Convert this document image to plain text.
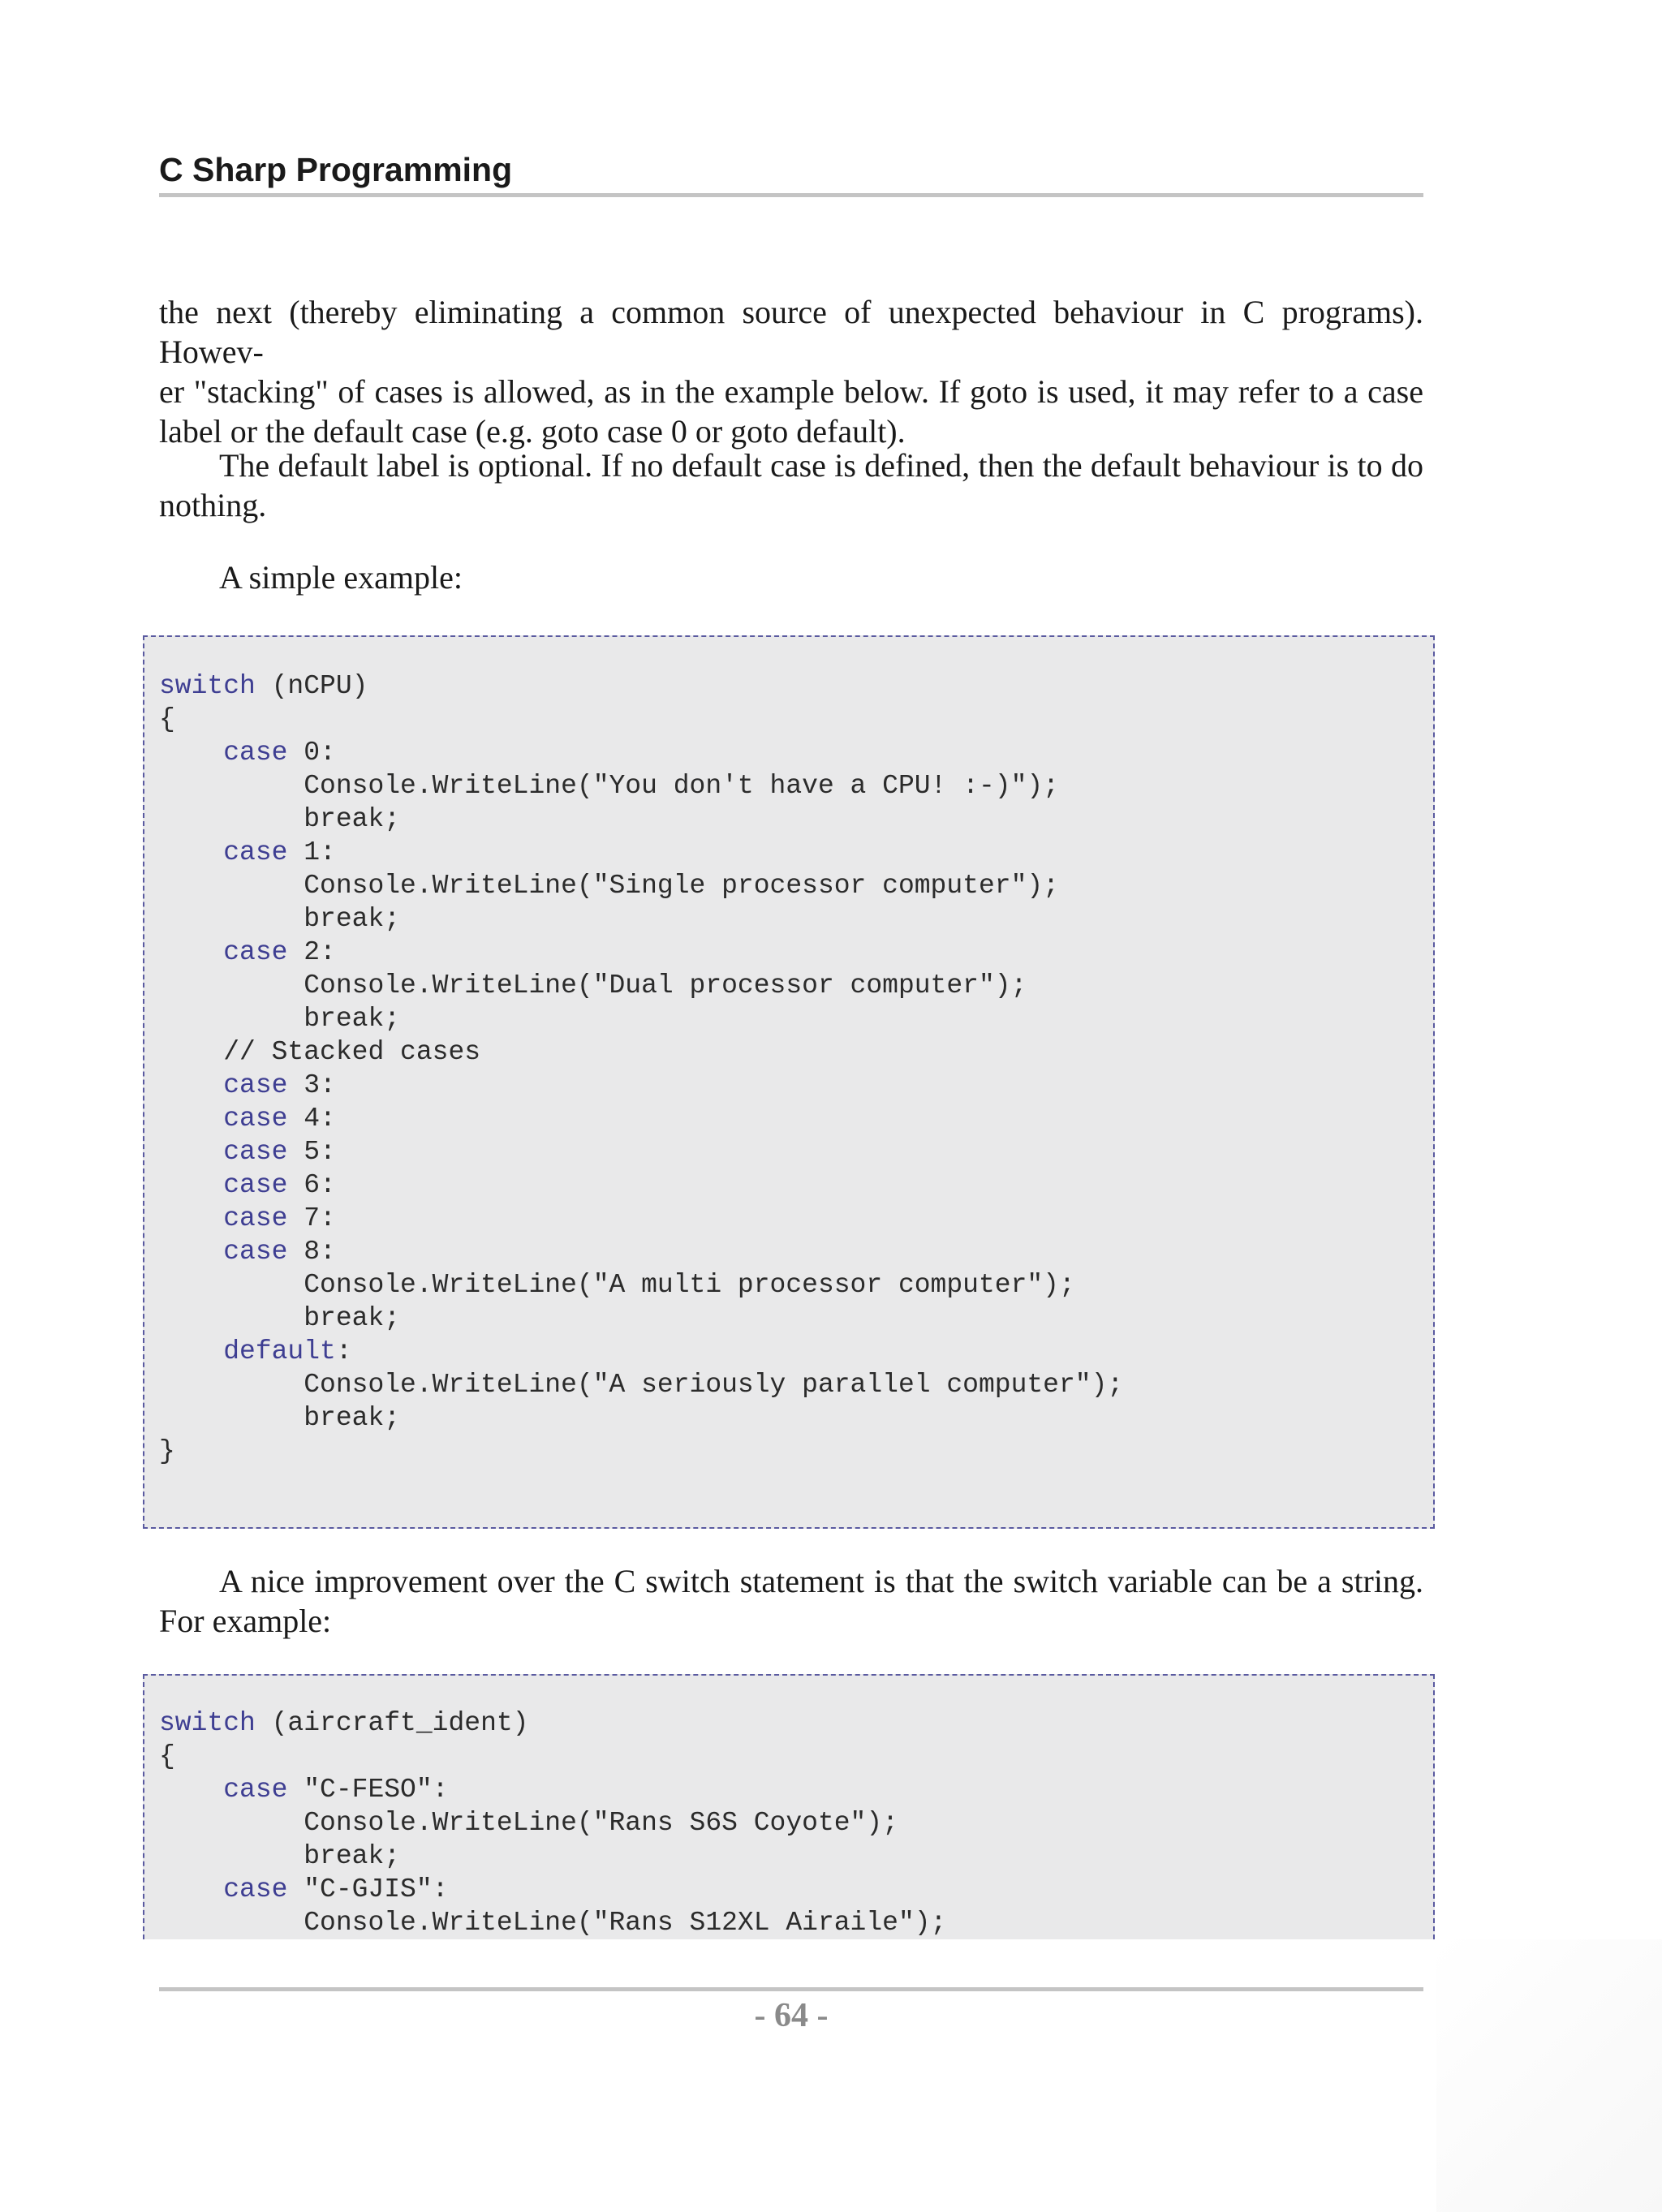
C Sharp Programming

the next (thereby eliminating a common source of unexpected behaviour in C programs). Howev-
er "stacking" of cases is allowed, as in the example below. If goto is used, it may refer to a case
label or the default case (e.g. goto case 0 or goto default).

The default label is optional. If no default case is defined, then the default behaviour is to do nothing.

A simple example:

switch (nCPU)
{
case 0:
Console.WriteLine("You don't have a CPU! :-)");
break;
case 1:
Console.WriteLine("Single processor computer");
break;
case 2:
Console.WriteLine("Dual processor computer");
break;
// Stacked cases
case 3:
case 4:
case 5:
case 6:
case 7:
case 8:
Console.WriteLine("A multi processor computer");
break;
default:
Console.WriteLine("A seriously parallel computer");
break;
}

A nice improvement over the C switch statement is that the switch variable can be a string. For example:

switch (aircraft_ident)
{
case "C-FESO":
Console.WriteLine("Rans S6S Coyote");
break;
case "C-GJIS":
Console.WriteLine("Rans S12XL Airaile");
- 64 -
